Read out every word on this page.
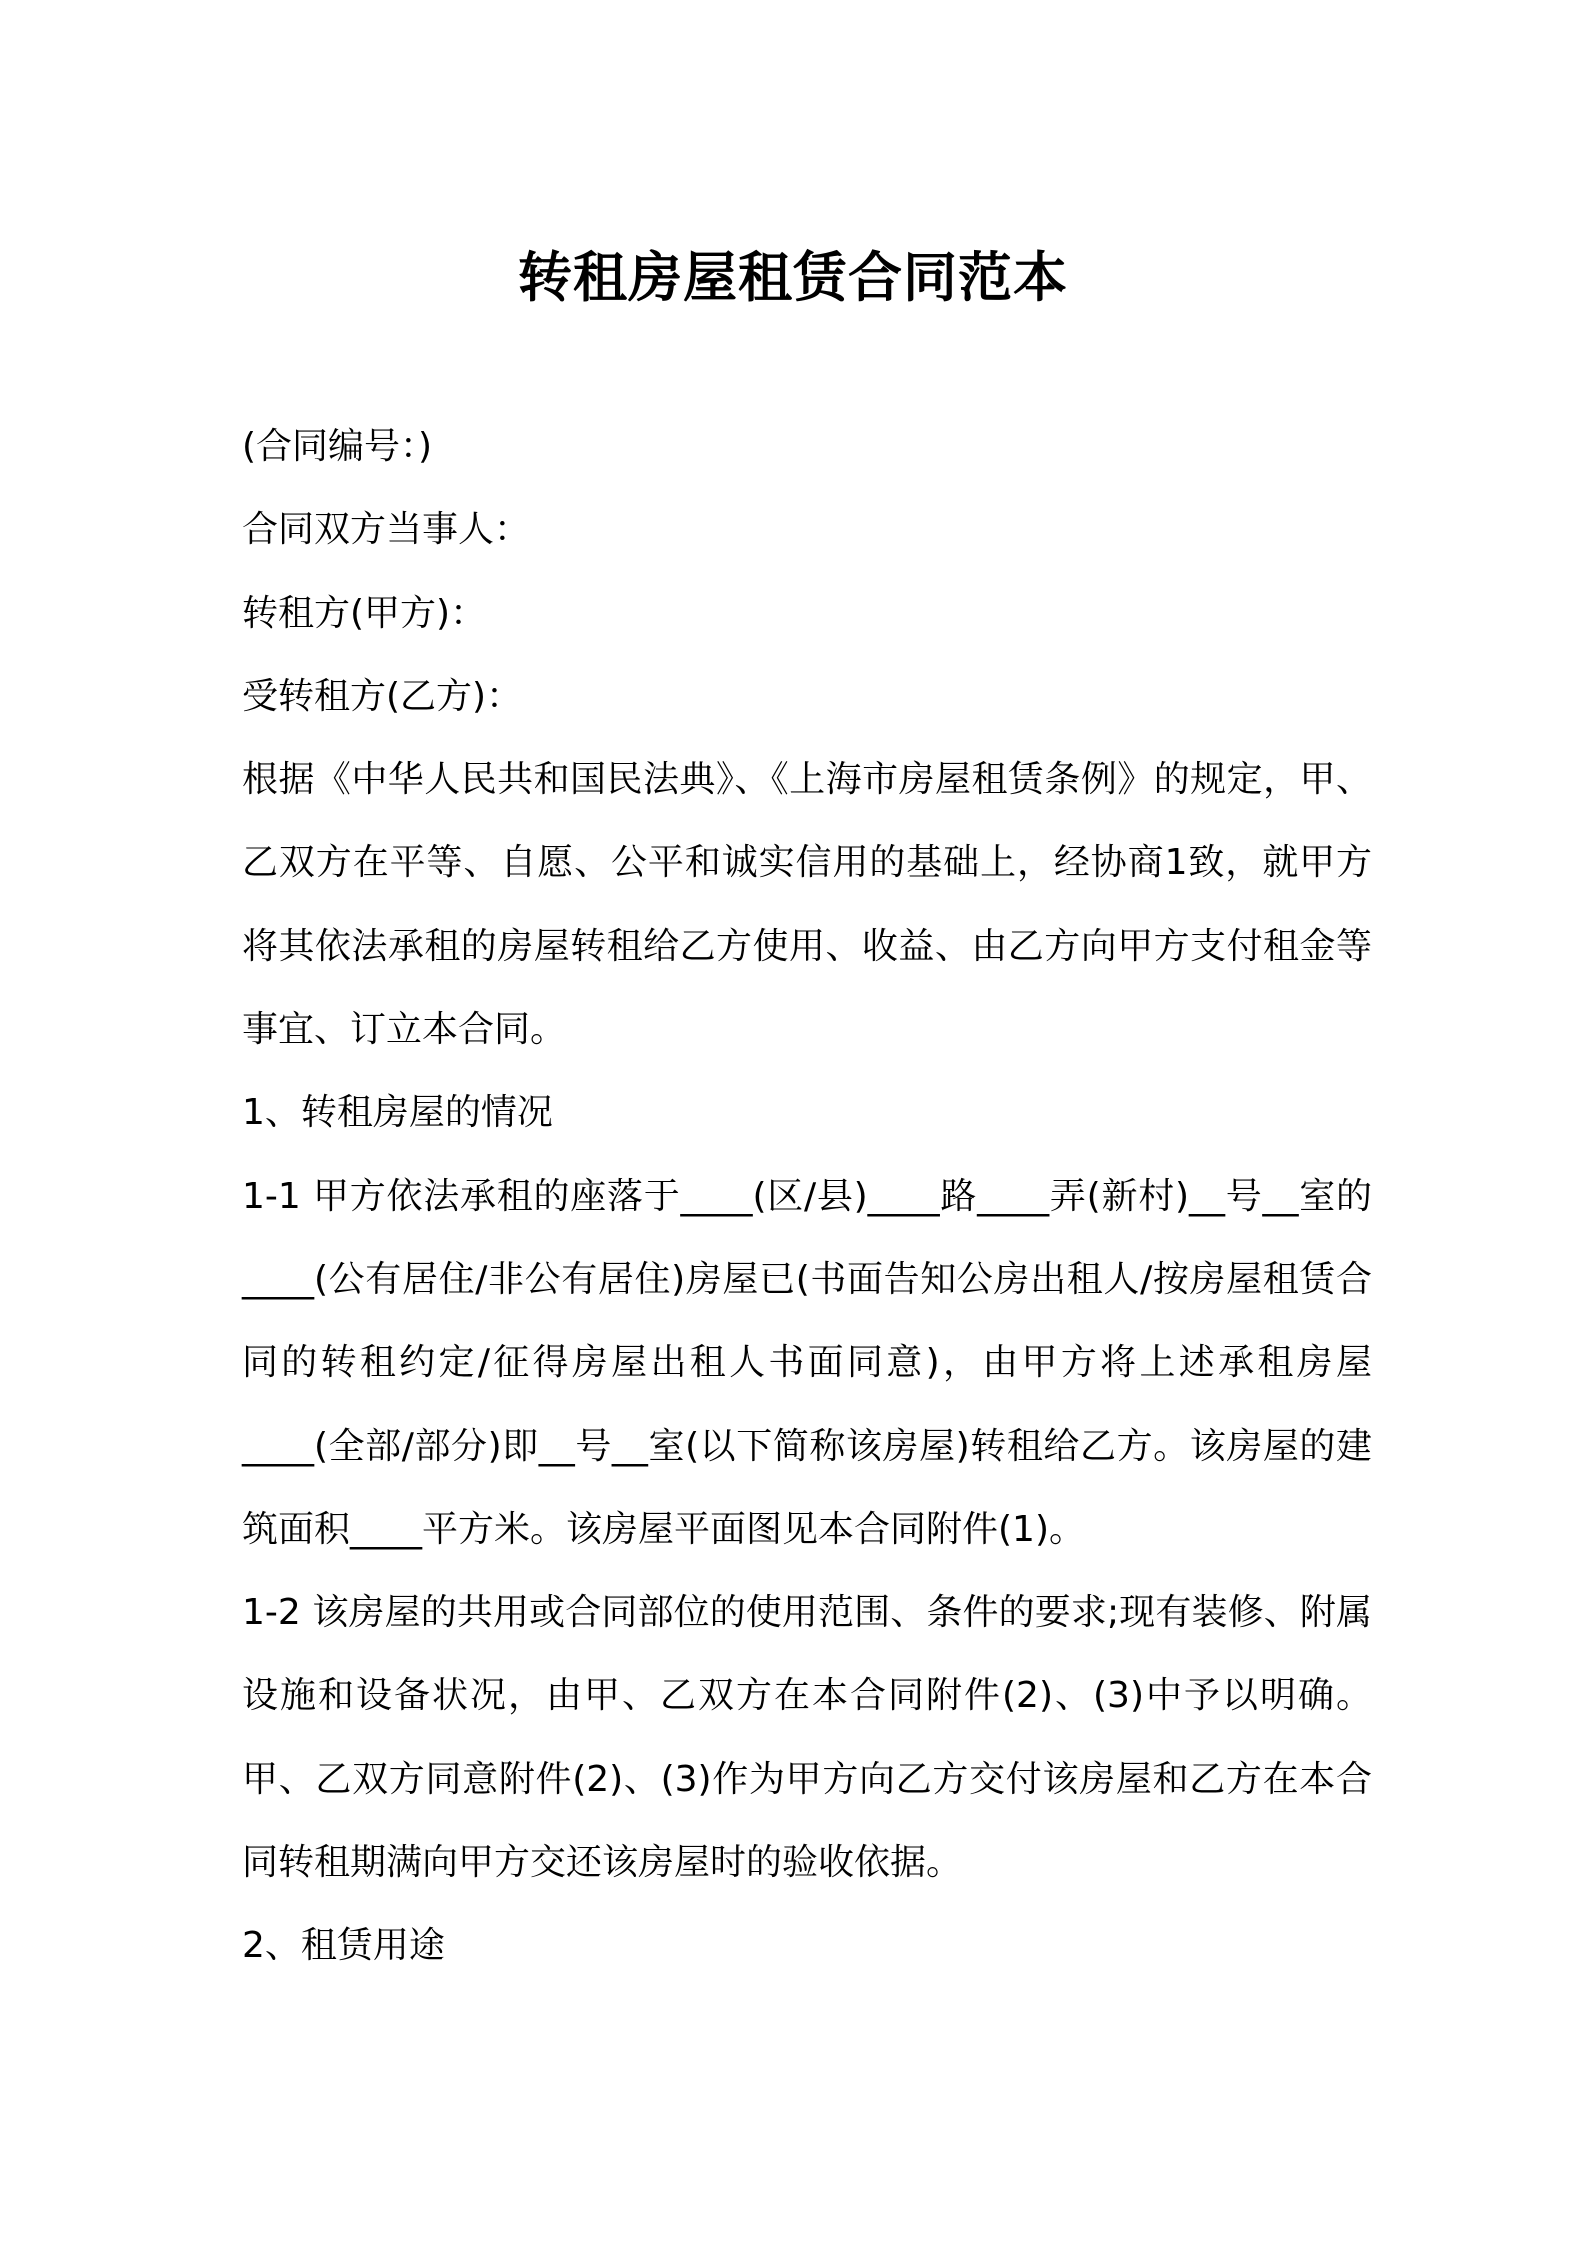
转租房屋租赁合同范本

(合同编号：)

合同双方当事人：

转租方(甲方)：

受转租方(乙方)：

根据《中华人民共和国民法典》、《上海市房屋租赁条例》的规定，甲、乙双方在平等、自愿、公平和诚实信用的基础上，经协商1致，就甲方将其依法承租的房屋转租给乙方使用、收益、由乙方向甲方支付租金等事宜、订立本合同。

1、转租房屋的情况

1-1 甲方依法承租的座落于____(区/县)____路____弄(新村)__号__室的____(公有居住/非公有居住)房屋已(书面告知公房出租人/按房屋租赁合同的转租约定/征得房屋出租人书面同意)，由甲方将上述承租房屋____(全部/部分)即__号__室(以下简称该房屋)转租给乙方。该房屋的建筑面积____平方米。该房屋平面图见本合同附件(1)。

1-2 该房屋的共用或合同部位的使用范围、条件的要求;现有装修、附属设施和设备状况，由甲、乙双方在本合同附件(2)、(3)中予以明确。甲、乙双方同意附件(2)、(3)作为甲方向乙方交付该房屋和乙方在本合同转租期满向甲方交还该房屋时的验收依据。

2、租赁用途
